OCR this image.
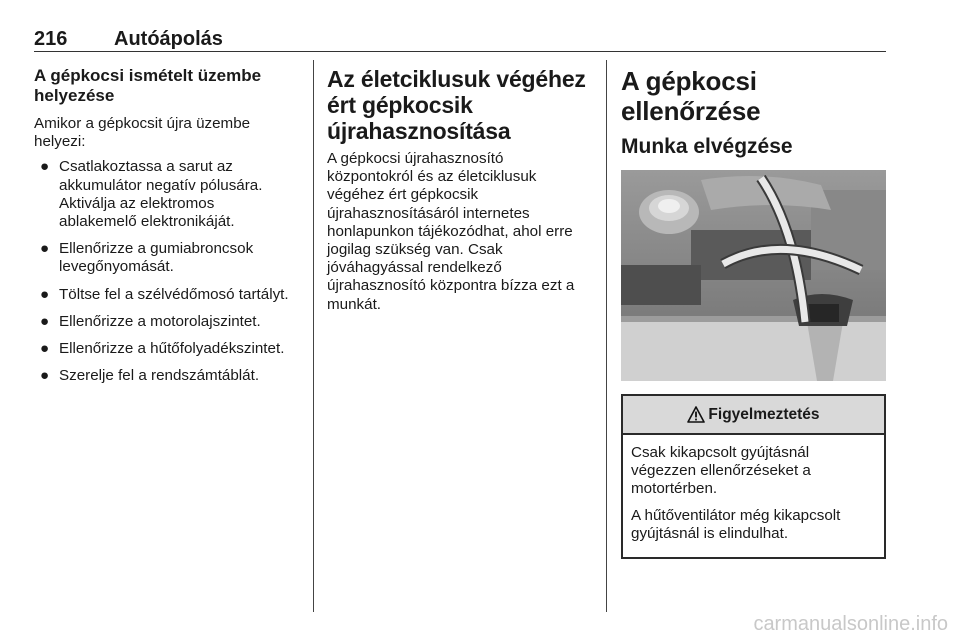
216 Autóápolás
A gépkocsi ismételt üzembe helyezése
Amikor a gépkocsit újra üzembe helyezi:
● Csatlakoztassa a sarut az akkumulátor negatív pólusára. Aktiválja az elektromos ablakemelő elektronikáját.
● Ellenőrizze a gumiabroncsok levegőnyomását.
● Töltse fel a szélvédőmosó tartályt.
● Ellenőrizze a motorolajszintet.
● Ellenőrizze a hűtőfolyadékszintet.
● Szerelje fel a rendszámtáblát.
Az életciklusuk végéhez ért gépkocsik újrahasznosítása
A gépkocsi újrahasznosító központokról és az életciklusuk végéhez ért gépkocsik újrahasznosításáról internetes honlapunkon tájékozódhat, ahol erre jogilag szükség van. Csak jóváhagyással rendelkező újrahasznosító központra bízza ezt a munkát.
A gépkocsi ellenőrzése
Munka elvégzése
Figyelmeztetés
Csak kikapcsolt gyújtásnál végezzen ellenőrzéseket a motortérben.
A hűtőventilátor még kikapcsolt gyújtásnál is elindulhat.
carmanualsonline.info
